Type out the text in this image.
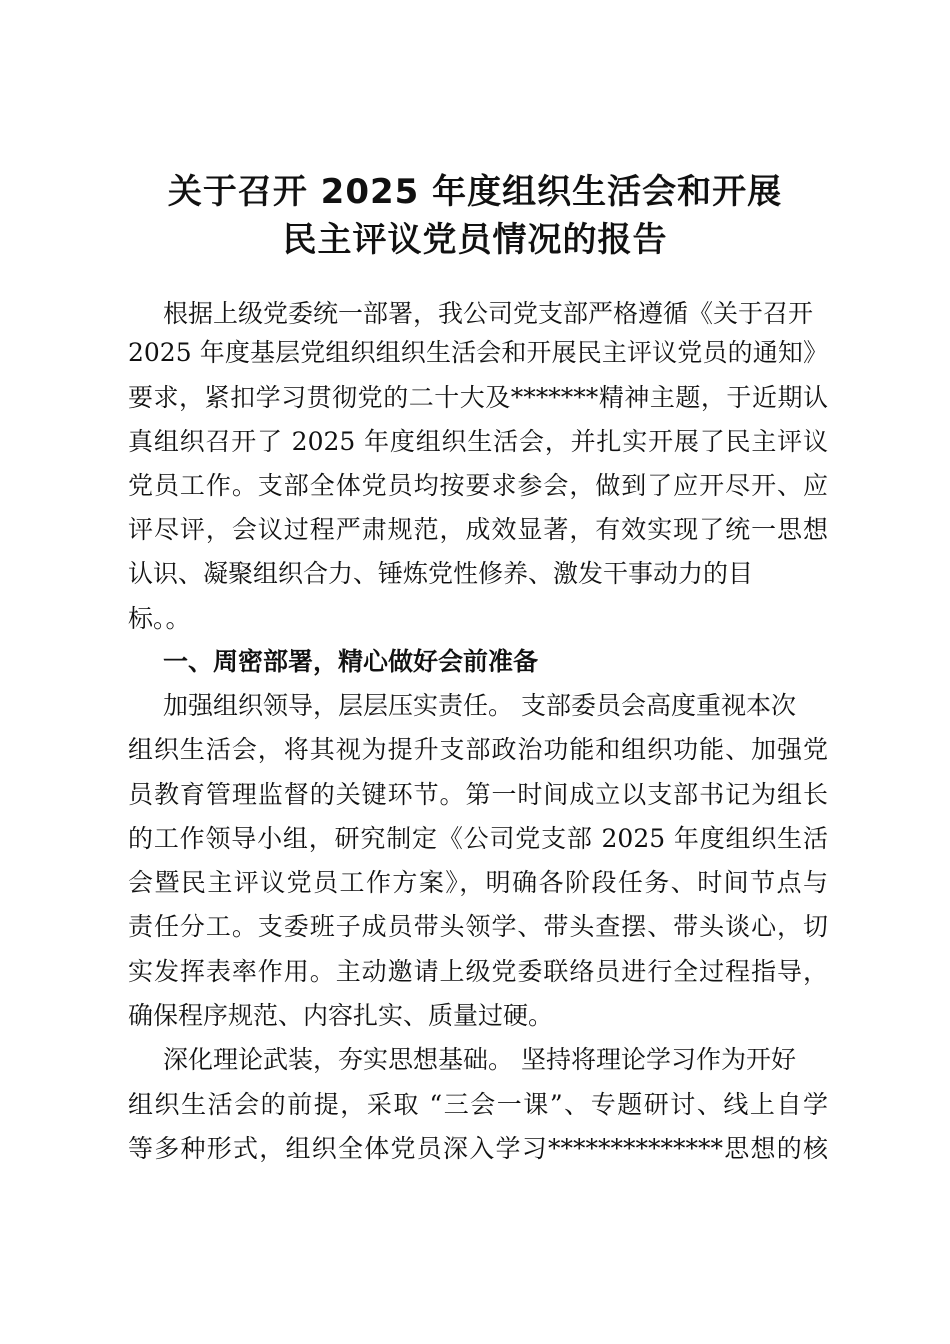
关于召开 2025 年度组织生活会和开展
民主评议党员情况的报告
根据上级党委统一部署，我公司党支部严格遵循《关于召开
2025 年度基层党组织组织生活会和开展民主评议党员的通知》
要求，紧扣学习贯彻党的二十大及*******精神主题，于近期认
真组织召开了 2025 年度组织生活会，并扎实开展了民主评议
党员工作。支部全体党员均按要求参会，做到了应开尽开、应
评尽评，会议过程严肃规范，成效显著，有效实现了统一思想
认识、凝聚组织合力、锤炼党性修养、激发干事动力的目
标。。
一、周密部署，精心做好会前准备
加强组织领导，层层压实责任。 支部委员会高度重视本次
组织生活会，将其视为提升支部政治功能和组织功能、加强党
员教育管理监督的关键环节。第一时间成立以支部书记为组长
的工作领导小组，研究制定《公司党支部 2025 年度组织生活
会暨民主评议党员工作方案》，明确各阶段任务、时间节点与
责任分工。支委班子成员带头领学、带头查摆、带头谈心，切
实发挥表率作用。主动邀请上级党委联络员进行全过程指导，
确保程序规范、内容扎实、质量过硬。
深化理论武装，夯实思想基础。 坚持将理论学习作为开好
组织生活会的前提，采取 “三会一课”、专题研讨、线上自学
等多种形式，组织全体党员深入学习**************思想的核
